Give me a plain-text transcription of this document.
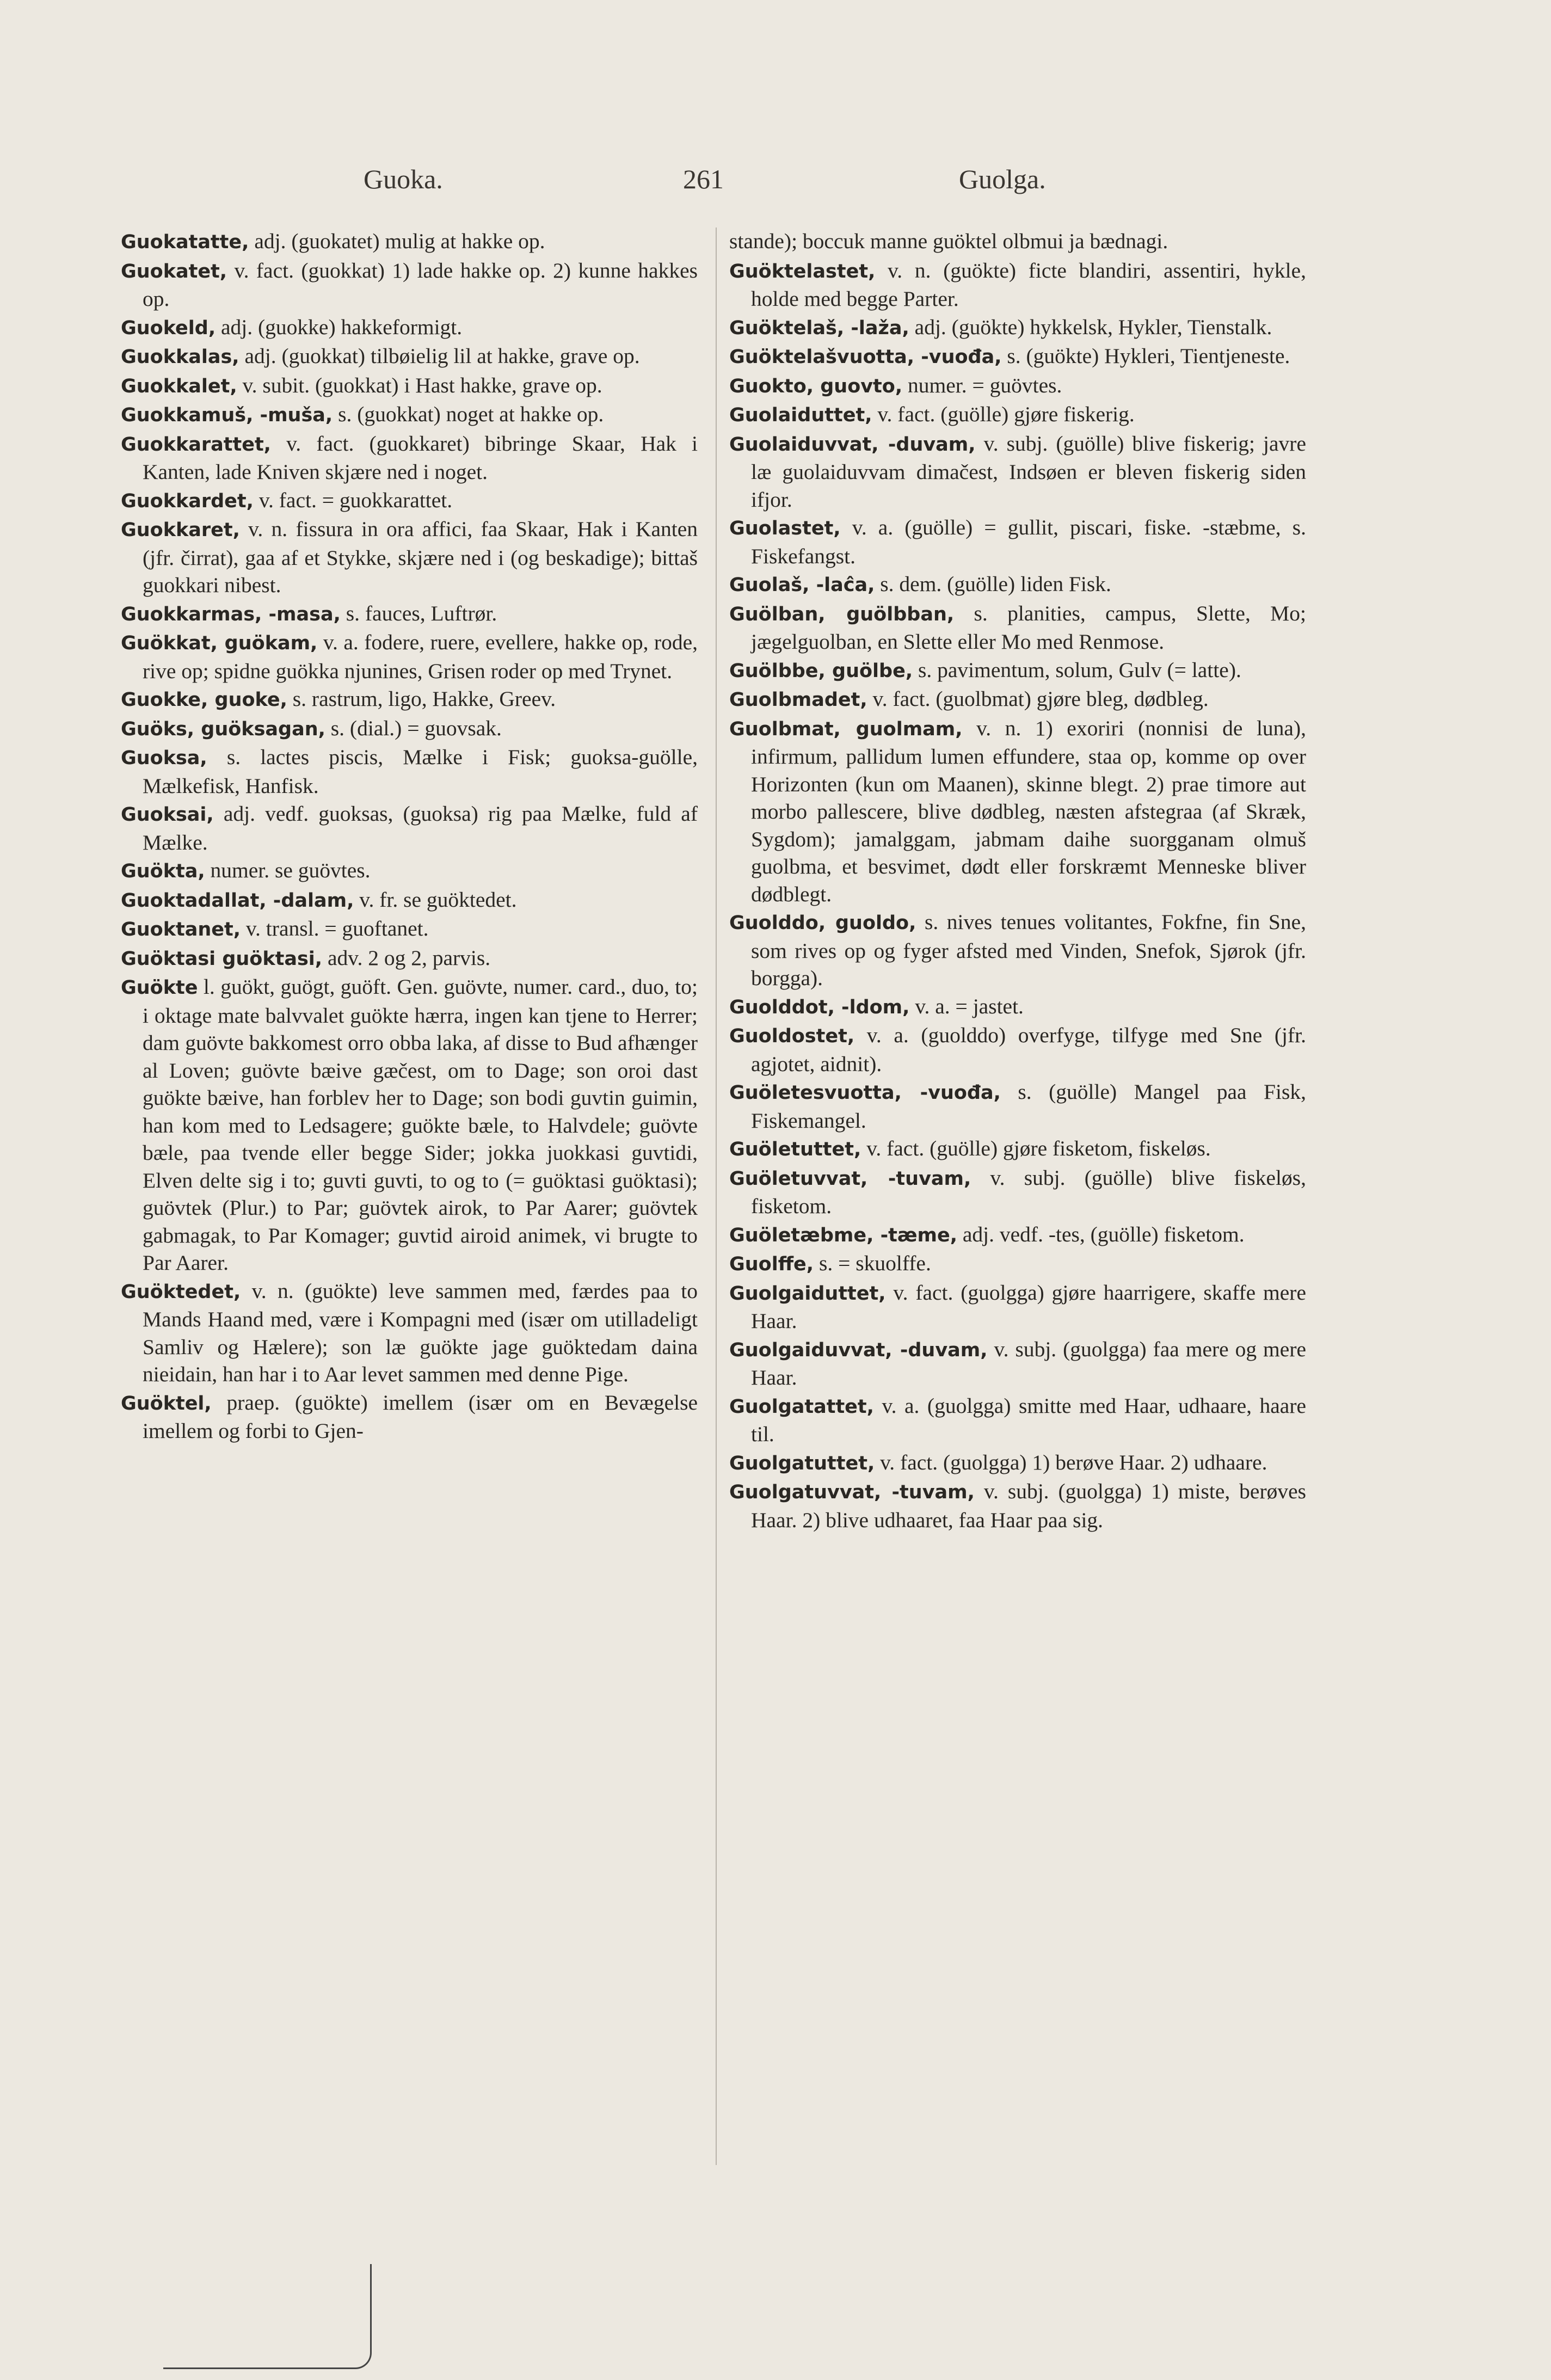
Guoka.	261	Guolga.

Guokatatte, adj. (guokatet) mulig at hakke op.

Guokatet, v. fact. (guokkat) 1) lade hakke op. 2) kunne hakkes op.

Guokeld, adj. (guokke) hakkeformigt.

Guokkalas, adj. (guokkat) tilbøielig lil at hakke, grave op.

Guokkalet, v. subit. (guokkat) i Hast hakke, grave op.

Guokkamuš, -muša, s. (guokkat) noget at hakke op.

Guokkarattet, v. fact. (guokkaret) bibringe Skaar, Hak i Kanten, lade Kniven skjære ned i noget.

Guokkardet, v. fact. = guokkarattet.

Guokkaret, v. n. fissura in ora affici, faa Skaar, Hak i Kanten (jfr. čirrat), gaa af et Stykke, skjære ned i (og beskadige); bittaš guokkari nibest.

Guokkarmas, -masa, s. fauces, Luftrør.

Guökkat, guökam, v. a. fodere, ruere, evellere, hakke op, rode, rive op; spidne guökka njunines, Grisen roder op med Trynet.

Guokke, guoke, s. rastrum, ligo, Hakke, Greev.

Guöks, guöksagan, s. (dial.) = guovsak.

Guoksa, s. lactes piscis, Mælke i Fisk; guoksa-guölle, Mælkefisk, Hanfisk.

Guoksai, adj. vedf. guoksas, (guoksa) rig paa Mælke, fuld af Mælke.

Guökta, numer. se guövtes.

Guoktadallat, -dalam, v. fr. se guöktedet.

Guoktanet, v. transl. = guoftanet.

Guöktasi guöktasi, adv. 2 og 2, parvis.

Guökte l. guökt, guögt, guöft. Gen. guövte, numer. card., duo, to; i oktage mate balvvalet guökte hærra, ingen kan tjene to Herrer; dam guövte bakkomest orro obba laka, af disse to Bud afhænger al Loven; guövte bæive gæčest, om to Dage; son oroi dast guökte bæive, han forblev her to Dage; son bodi guvtin guimin, han kom med to Ledsagere; guökte bæle, to Halvdele; guövte bæle, paa tvende eller begge Sider; jokka juokkasi guvtidi, Elven delte sig i to; guvti guvti, to og to (= guöktasi guöktasi); guövtek (Plur.) to Par; guövtek airok, to Par Aarer; guövtek gabmagak, to Par Komager; guvtid airoid animek, vi brugte to Par Aarer.

Guöktedet, v. n. (guökte) leve sammen med, færdes paa to Mands Haand med, være i Kompagni med (især om utilladeligt Samliv og Hælere); son læ guökte jage guöktedam daina nieidain, han har i to Aar levet sammen med denne Pige.

Guöktel, praep. (guökte) imellem (især om en Bevægelse imellem og forbi to Gjen-

stande); boccuk manne guöktel olbmui ja bædnagi.

Guöktelastet, v. n. (guökte) ficte blandiri, assentiri, hykle, holde med begge Parter.

Guöktelaš, -laža, adj. (guökte) hykkelsk, Hykler, Tienstalk.

Guöktelašvuotta, -vuođa, s. (guökte) Hykleri, Tientjeneste.

Guokto, guovto, numer. = guövtes.

Guolaiduttet, v. fact. (guölle) gjøre fiskerig.

Guolaiduvvat, -duvam, v. subj. (guölle) blive fiskerig; javre læ guolaiduvvam dimačest, Indsøen er bleven fiskerig siden ifjor.

Guolastet, v. a. (guölle) = gullit, piscari, fiske. -stæbme, s. Fiskefangst.

Guolaš, -laĉa, s. dem. (guölle) liden Fisk.

Guölban, guölbban, s. planities, campus, Slette, Mo; jægelguolban, en Slette eller Mo med Renmose.

Guölbbe, guölbe, s. pavimentum, solum, Gulv (= latte).

Guolbmadet, v. fact. (guolbmat) gjøre bleg, dødbleg.

Guolbmat, guolmam, v. n. 1) exoriri (nonnisi de luna), infirmum, pallidum lumen effundere, staa op, komme op over Horizonten (kun om Maanen), skinne blegt. 2) prae timore aut morbo pallescere, blive dødbleg, næsten afstegraa (af Skræk, Sygdom); jamalggam, jabmam daihe suorgganam olmuš guolbma, et besvimet, dødt eller forskræmt Menneske bliver dødblegt.

Guolddo, guoldo, s. nives tenues volitantes, Fokfne, fin Sne, som rives op og fyger afsted med Vinden, Snefok, Sjørok (jfr. borgga).

Guolddot, -ldom, v. a. = jastet.

Guoldostet, v. a. (guolddo) overfyge, tilfyge med Sne (jfr. agjotet, aidnit).

Guöletesvuotta, -vuođa, s. (guölle) Mangel paa Fisk, Fiskemangel.

Guöletuttet, v. fact. (guölle) gjøre fisketom, fiskeløs.

Guöletuvvat, -tuvam, v. subj. (guölle) blive fiskeløs, fisketom.

Guöletæbme, -tæme, adj. vedf. -tes, (guölle) fisketom.

Guolffe, s. = skuolffe.

Guolgaiduttet, v. fact. (guolgga) gjøre haarrigere, skaffe mere Haar.

Guolgaiduvvat, -duvam, v. subj. (guolgga) faa mere og mere Haar.

Guolgatattet, v. a. (guolgga) smitte med Haar, udhaare, haare til.

Guolgatuttet, v. fact. (guolgga) 1) berøve Haar. 2) udhaare.

Guolgatuvvat, -tuvam, v. subj. (guolgga) 1) miste, berøves Haar. 2) blive udhaaret, faa Haar paa sig.
